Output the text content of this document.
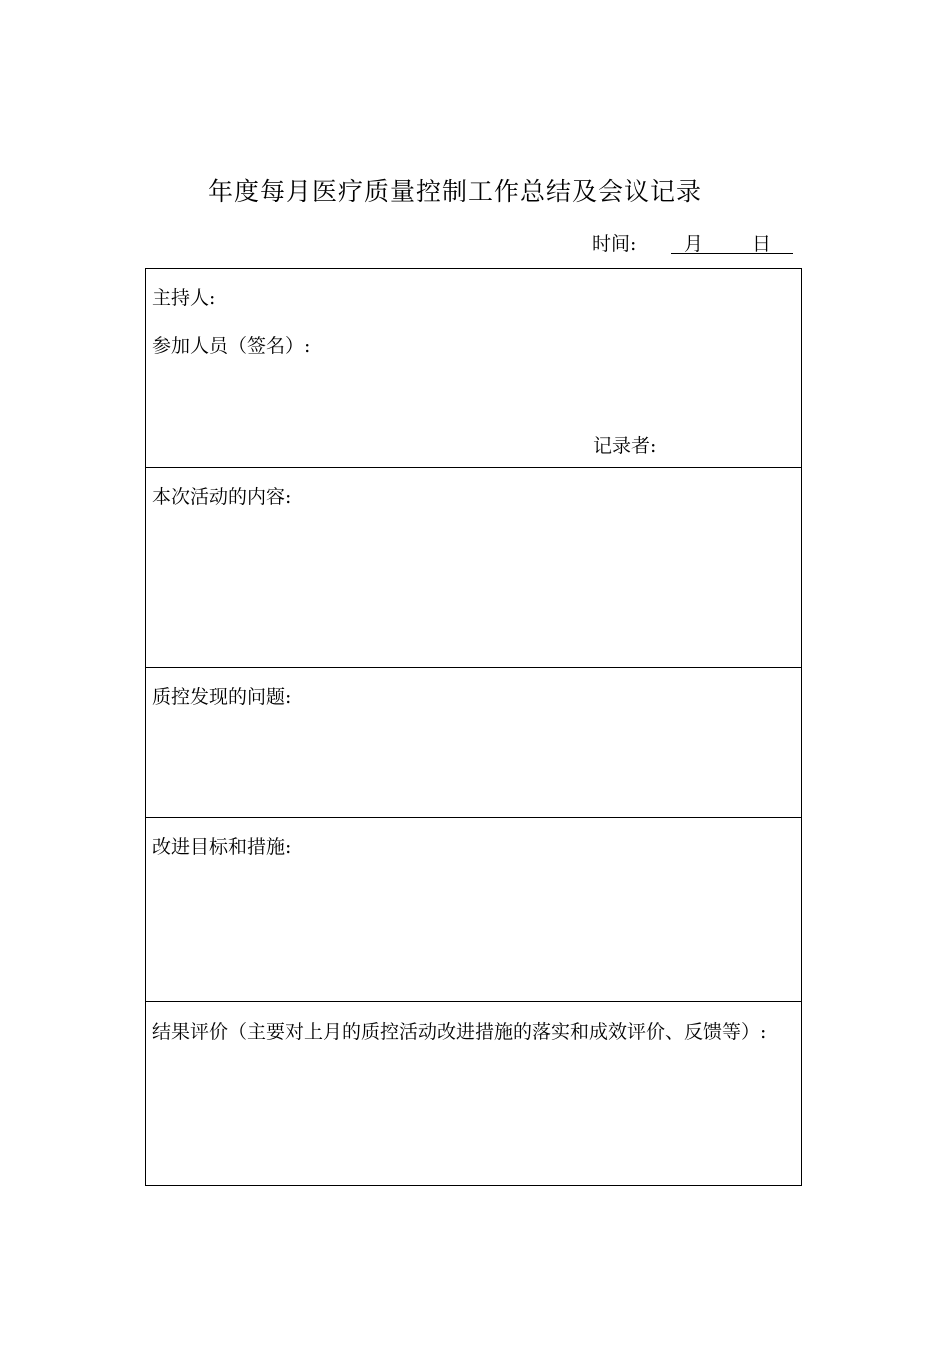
年度每月医疗质量控制工作总结及会议记录
时间:	月	日
主持人:
参加人员（签名）:
记录者:
本次活动的内容:
质控发现的问题:
改进目标和措施:
结果评价（主要对上月的质控活动改进措施的落实和成效评价、反馈等）:
